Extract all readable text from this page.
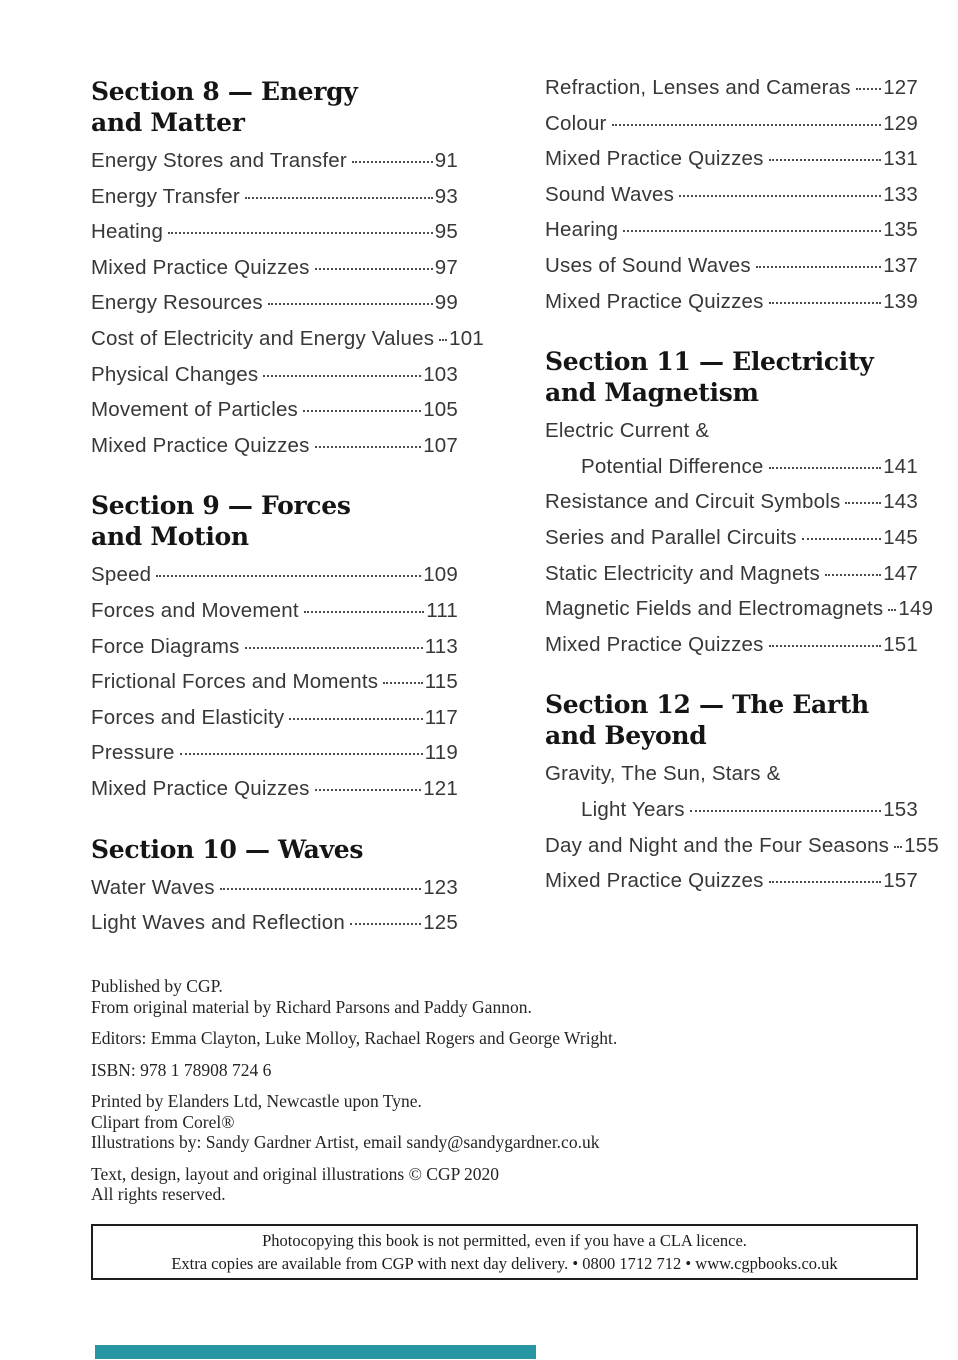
Section 8 — Energy
and Matter
Energy Stores and Transfer	91
Energy Transfer	93
Heating	95
Mixed Practice Quizzes	97
Energy Resources	99
Cost of Electricity and Energy Values 101
Physical Changes	103
Movement of Particles	105
Mixed Practice Quizzes	107
Section 9 — Forces
and Motion
Speed	109
Forces and Movement	111
Force Diagrams	113
Frictional Forces and Moments 115
Forces and Elasticity	117
Pressure	119
Mixed Practice Quizzes	121
Section 10 — Waves
Water Waves	123
Light Waves and Reflection	125
Refraction, Lenses and Cameras 127
Colour	129
Mixed Practice Quizzes	131
Sound Waves	133
Hearing	135
Uses of Sound Waves	137
Mixed Practice Quizzes	139
Section 11 — Electricity
and Magnetism
Electric Current &
Potential Difference	141
Resistance and Circuit Symbols 143
Series and Parallel Circuits	145
Static Electricity and Magnets	147
Magnetic Fields and Electromagnets 149
Mixed Practice Quizzes	151
Section 12 — The Earth
and Beyond
Gravity, The Sun, Stars &
Light Years	153
Day and Night and the Four Seasons 155
Mixed Practice Quizzes	157
Published by CGP.
From original material by Richard Parsons and Paddy Gannon.
Editors: Emma Clayton, Luke Molloy, Rachael Rogers and George Wright.
ISBN: 978 1 78908 724 6
Printed by Elanders Ltd, Newcastle upon Tyne.
Clipart from Corel®
Illustrations by: Sandy Gardner Artist, email sandy@sandygardner.co.uk
Text, design, layout and original illustrations © CGP 2020
All rights reserved.
Photocopying this book is not permitted, even if you have a CLA licence.
Extra copies are available from CGP with next day delivery. • 0800 1712 712 • www.cgpbooks.co.uk
